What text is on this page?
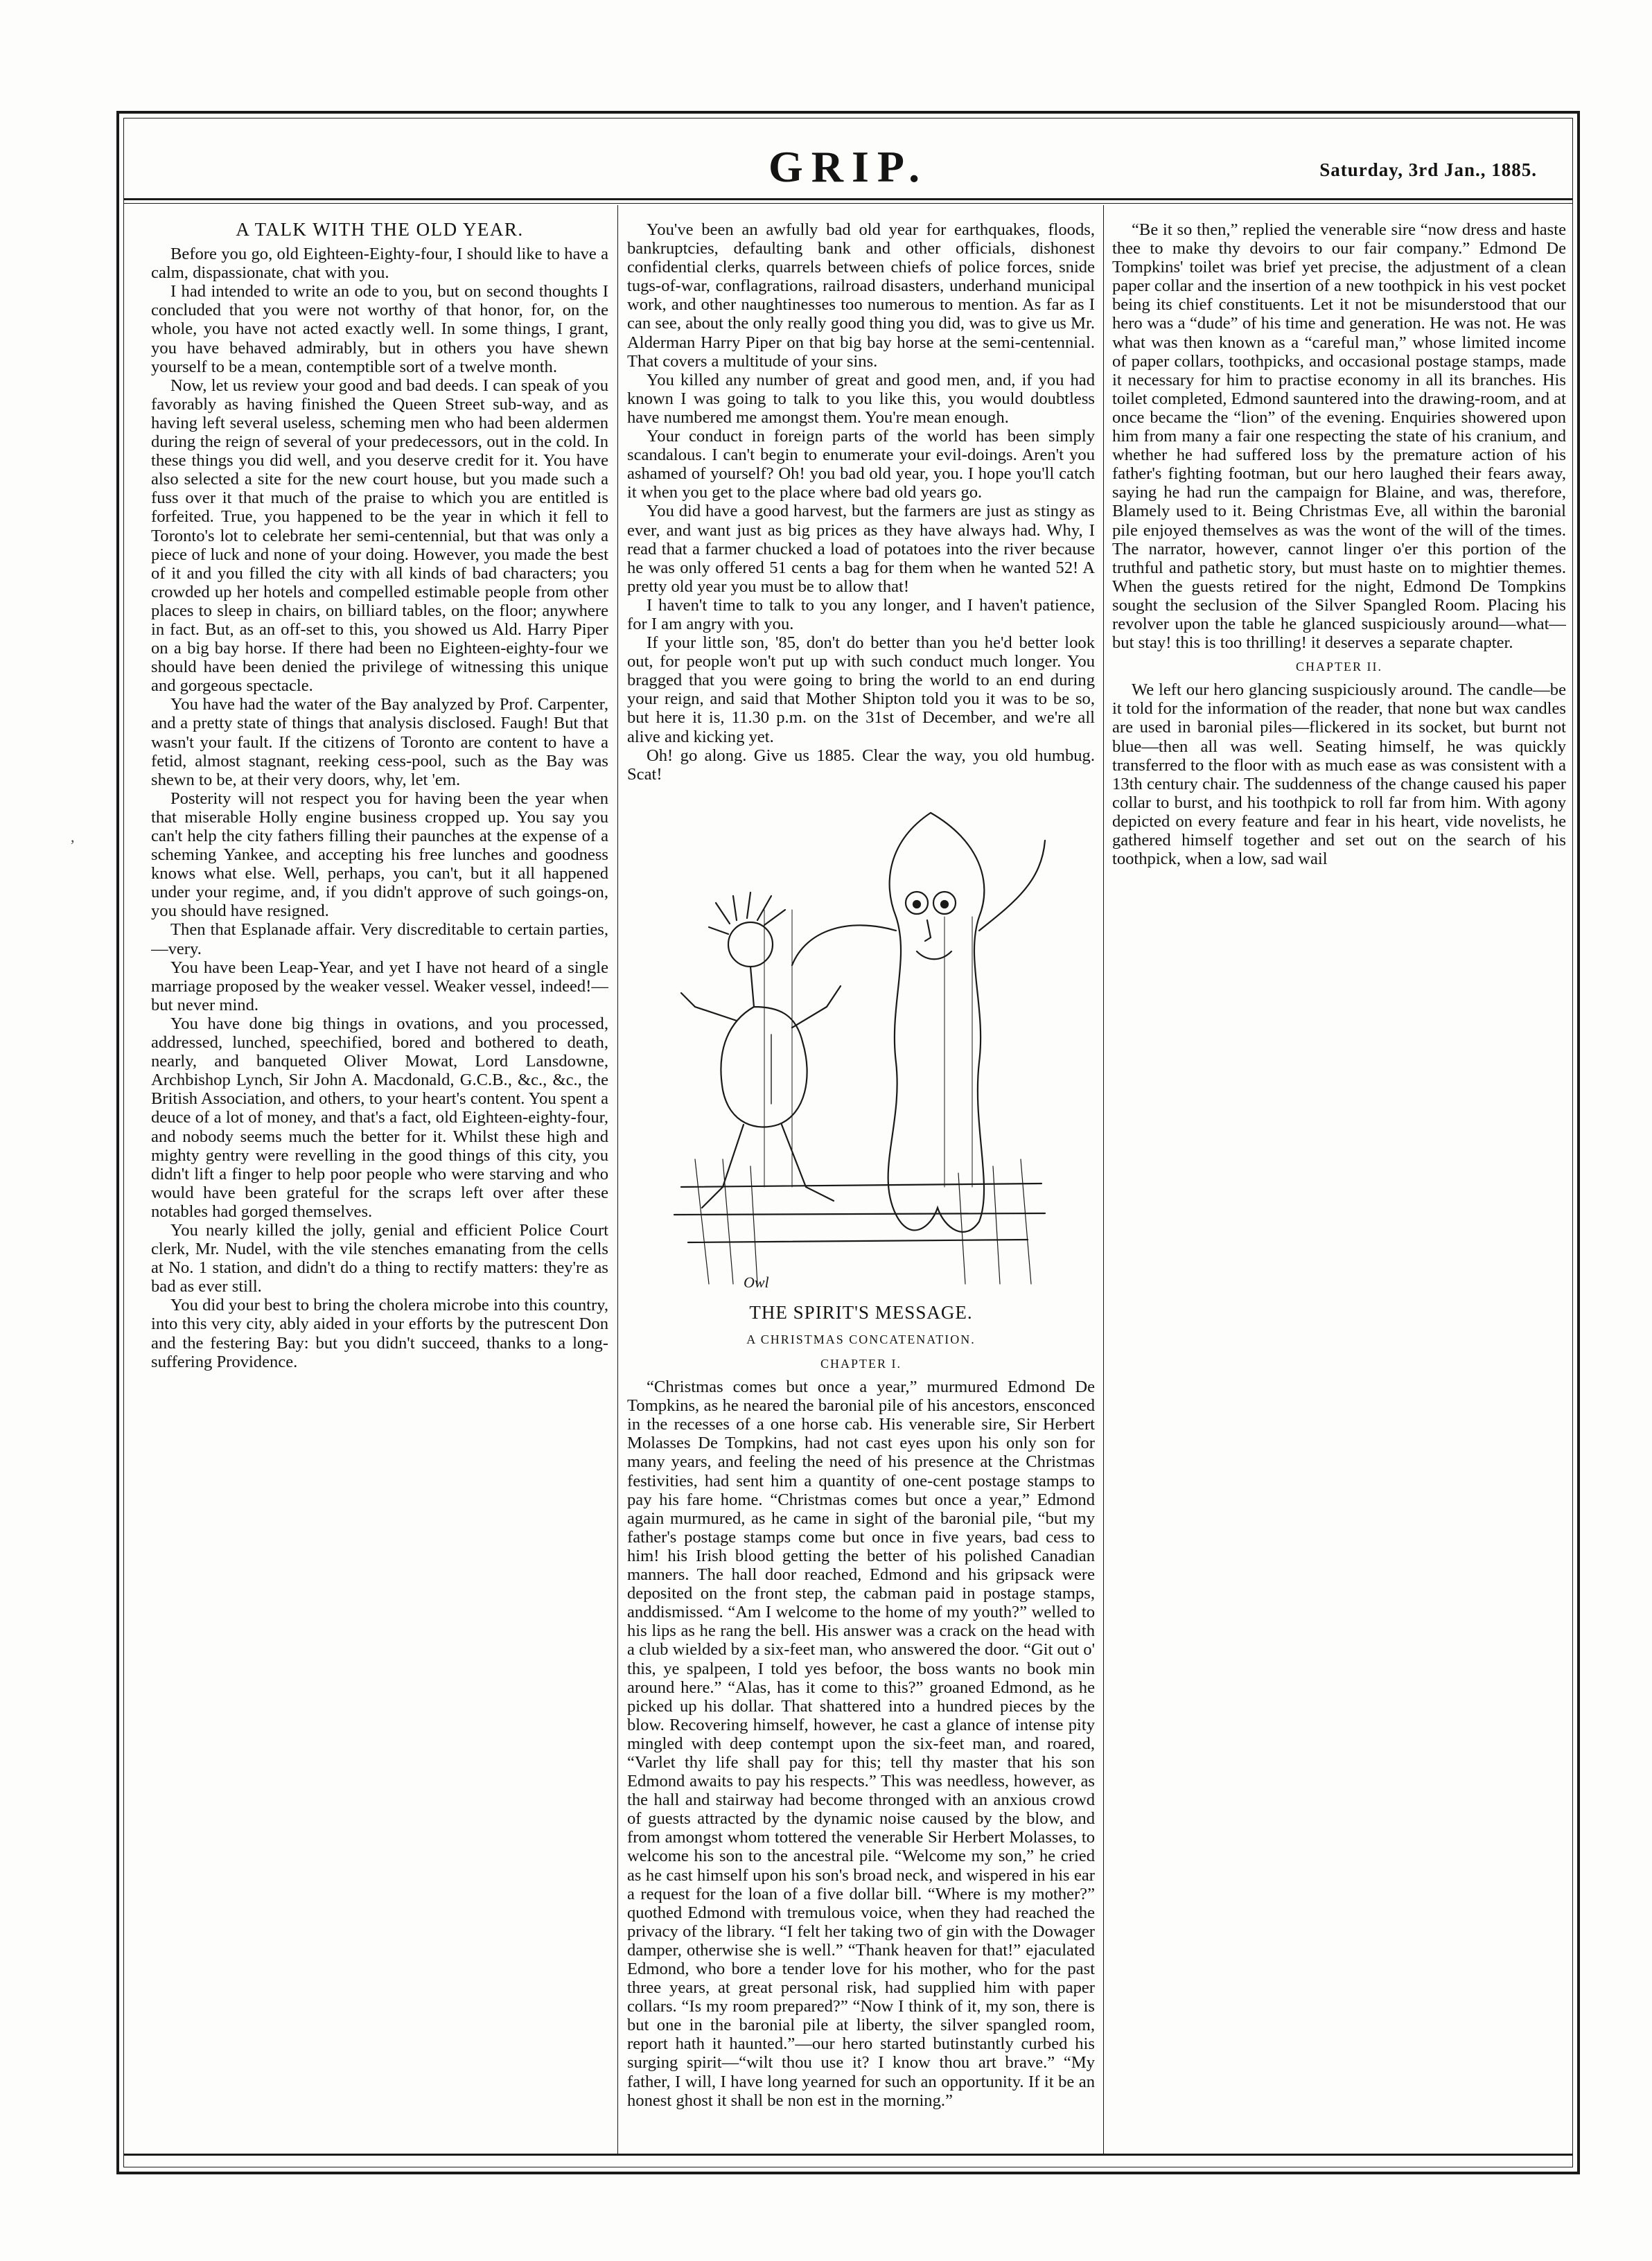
GRIP.	Saturday, 3rd Jan., 1885.
A TALK WITH THE OLD YEAR.

Before you go, old Eighteen-Eighty-four, I should like to have a calm, dispassionate, chat with you.

I had intended to write an ode to you, but on second thoughts I concluded that you were not worthy of that honor, for, on the whole, you have not acted exactly well. In some things, I grant, you have behaved admirably, but in others you have shewn yourself to be a mean, contemptible sort of a twelve month.

Now, let us review your good and bad deeds. I can speak of you favorably as having finished the Queen Street sub-way, and as having left several useless, scheming men who had been aldermen during the reign of several of your predecessors, out in the cold. In these things you did well, and you deserve credit for it. You have also selected a site for the new court house, but you made such a fuss over it that much of the praise to which you are entitled is forfeited. True, you happened to be the year in which it fell to Toronto's lot to celebrate her semi-centennial, but that was only a piece of luck and none of your doing. However, you made the best of it and you filled the city with all kinds of bad characters; you crowded up her hotels and compelled estimable people from other places to sleep in chairs, on billiard tables, on the floor; anywhere in fact. But, as an off-set to this, you showed us Ald. Harry Piper on a big bay horse. If there had been no Eighteen-eighty-four we should have been denied the privilege of witnessing this unique and gorgeous spectacle.

You have had the water of the Bay analyzed by Prof. Carpenter, and a pretty state of things that analysis disclosed. Faugh! But that wasn't your fault. If the citizens of Toronto are content to have a fetid, almost stagnant, reeking cess-pool, such as the Bay was shewn to be, at their very doors, why, let 'em.

Posterity will not respect you for having been the year when that miserable Holly engine business cropped up. You say you can't help the city fathers filling their paunches at the expense of a scheming Yankee, and accepting his free lunches and goodness knows what else. Well, perhaps, you can't, but it all happened under your regime, and, if you didn't approve of such goings-on, you should have resigned.

Then that Esplanade affair. Very discreditable to certain parties,—very.

You have been Leap-Year, and yet I have not heard of a single marriage proposed by the weaker vessel. Weaker vessel, indeed!—but never mind.

You have done big things in ovations, and you processed, addressed, lunched, speechified, bored and bothered to death, nearly, and banqueted Oliver Mowat, Lord Lansdowne, Archbishop Lynch, Sir John A. Macdonald, G.C.B., &c., &c., the British Association, and others, to your heart's content. You spent a deuce of a lot of money, and that's a fact, old Eighteen-eighty-four, and nobody seems much the better for it. Whilst these high and mighty gentry were revelling in the good things of this city, you didn't lift a finger to help poor people who were starving and who would have been grateful for the scraps left over after these notables had gorged themselves.

You nearly killed the jolly, genial and efficient Police Court clerk, Mr. Nudel, with the vile stenches emanating from the cells at No. 1 station, and didn't do a thing to rectify matters: they're as bad as ever still.

You did your best to bring the cholera microbe into this country, into this very city, ably aided in your efforts by the putrescent Don and the festering Bay: but you didn't succeed, thanks to a long-suffering Providence.

You've been an awfully bad old year for earthquakes, floods, bankruptcies, defaulting bank and other officials, dishonest confidential clerks, quarrels between chiefs of police forces, snide tugs-of-war, conflagrations, railroad disasters, underhand municipal work, and other naughtinesses too numerous to mention. As far as I can see, about the only really good thing you did, was to give us Mr. Alderman Harry Piper on that big bay horse at the semi-centennial. That covers a multitude of your sins.

You killed any number of great and good men, and, if you had known I was going to talk to you like this, you would doubtless have numbered me amongst them. You're mean enough.

Your conduct in foreign parts of the world has been simply scandalous. I can't begin to enumerate your evil-doings. Aren't you ashamed of yourself? Oh! you bad old year, you. I hope you'll catch it when you get to the place where bad old years go.

You did have a good harvest, but the farmers are just as stingy as ever, and want just as big prices as they have always had. Why, I read that a farmer chucked a load of potatoes into the river because he was only offered 51 cents a bag for them when he wanted 52! A pretty old year you must be to allow that!

I haven't time to talk to you any longer, and I haven't patience, for I am angry with you.

If your little son, '85, don't do better than you he'd better look out, for people won't put up with such conduct much longer. You bragged that you were going to bring the world to an end during your reign, and said that Mother Shipton told you it was to be so, but here it is, 11.30 p.m. on the 31st of December, and we're all alive and kicking yet.

Oh! go along. Give us 1885. Clear the way, you old humbug. Scat!

Owl
THE SPIRIT'S MESSAGE.
A CHRISTMAS CONCATENATION.
CHAPTER I.

“Christmas comes but once a year,” murmured Edmond De Tompkins, as he neared the baronial pile of his ancestors, ensconced in the recesses of a one horse cab. His venerable sire, Sir Herbert Molasses De Tompkins, had not cast eyes upon his only son for many years, and feeling the need of his presence at the Christmas festivities, had sent him a quantity of one-cent postage stamps to pay his fare home. “Christmas comes but once a year,” Edmond again murmured, as he came in sight of the baronial pile, “but my father's postage stamps come but once in five years, bad cess to him! his Irish blood getting the better of his polished Canadian manners. The hall door reached, Edmond and his gripsack were deposited on the front step, the cabman paid in postage stamps, anddismissed. “Am I welcome to the home of my youth?” welled to his lips as he rang the bell. His answer was a crack on the head with a club wielded by a six-feet man, who answered the door. “Git out o' this, ye spalpeen, I told yes befoor, the boss wants no book min around here.” “Alas, has it come to this?” groaned Edmond, as he picked up his dollar. That shattered into a hundred pieces by the blow. Recovering himself, however, he cast a glance of intense pity mingled with deep contempt upon the six-feet man, and roared, “Varlet thy life shall pay for this; tell thy master that his son Edmond awaits to pay his respects.” This was needless, however, as the hall and stairway had become thronged with an anxious crowd of guests attracted by the dynamic noise caused by the blow, and from amongst whom tottered the venerable Sir Herbert Molasses, to welcome his son to the ancestral pile. “Welcome my son,” he cried as he cast himself upon his son's broad neck, and wispered in his ear a request for the loan of a five dollar bill. “Where is my mother?” quothed Edmond with tremulous voice, when they had reached the privacy of the library. “I felt her taking two of gin with the Dowager damper, otherwise she is well.” “Thank heaven for that!” ejaculated Edmond, who bore a tender love for his mother, who for the past three years, at great personal risk, had supplied him with paper collars. “Is my room prepared?” “Now I think of it, my son, there is but one in the baronial pile at liberty, the silver spangled room, report hath it haunted.”—our hero started butinstantly curbed his surging spirit—“wilt thou use it? I know thou art brave.” “My father, I will, I have long yearned for such an opportunity. If it be an honest ghost it shall be non est in the morning.”

“Be it so then,” replied the venerable sire “now dress and haste thee to make thy devoirs to our fair company.” Edmond De Tompkins' toilet was brief yet precise, the adjustment of a clean paper collar and the insertion of a new toothpick in his vest pocket being its chief constituents. Let it not be misunderstood that our hero was a “dude” of his time and generation. He was not. He was what was then known as a “careful man,” whose limited income of paper collars, toothpicks, and occasional postage stamps, made it necessary for him to practise economy in all its branches. His toilet completed, Edmond sauntered into the drawing-room, and at once became the “lion” of the evening. Enquiries showered upon him from many a fair one respecting the state of his cranium, and whether he had suffered loss by the premature action of his father's fighting footman, but our hero laughed their fears away, saying he had run the campaign for Blaine, and was, therefore, Blamely used to it. Being Christmas Eve, all within the baronial pile enjoyed themselves as was the wont of the will of the times. The narrator, however, cannot linger o'er this portion of the truthful and pathetic story, but must haste on to mightier themes. When the guests retired for the night, Edmond De Tompkins sought the seclusion of the Silver Spangled Room. Placing his revolver upon the table he glanced suspiciously around—what—but stay! this is too thrilling! it deserves a separate chapter.

CHAPTER II.

We left our hero glancing suspiciously around. The candle—be it told for the information of the reader, that none but wax candles are used in baronial piles—flickered in its socket, but burnt not blue—then all was well. Seating himself, he was quickly transferred to the floor with as much ease as was consistent with a 13th century chair. The suddenness of the change caused his paper collar to burst, and his toothpick to roll far from him. With agony depicted on every feature and fear in his heart, vide novelists, he gathered himself together and set out on the search of his toothpick, when a low, sad wail

,
